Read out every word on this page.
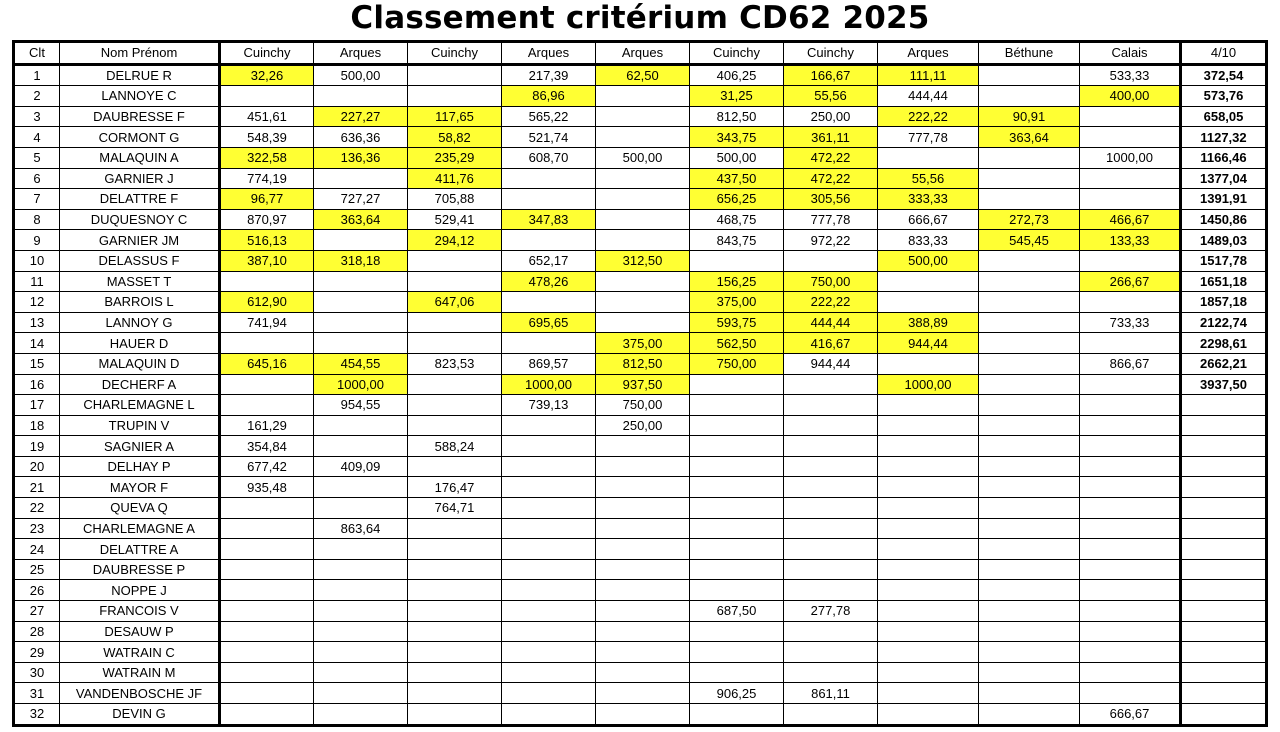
Classement critérium CD62 2025
Clt	Nom Prénom	Cuinchy	Arques	Cuinchy	Arques	Arques	Cuinchy	Cuinchy	Arques	Béthune	Calais	4/10
1	DELRUE R	32,26	500,00		217,39	62,50	406,25	166,67	111,11		533,33	372,54
2	LANNOYE C				86,96		31,25	55,56	444,44		400,00	573,76
3	DAUBRESSE F	451,61	227,27	117,65	565,22		812,50	250,00	222,22	90,91		658,05
4	CORMONT G	548,39	636,36	58,82	521,74		343,75	361,11	777,78	363,64		1127,32
5	MALAQUIN A	322,58	136,36	235,29	608,70	500,00	500,00	472,22			1000,00	1166,46
6	GARNIER J	774,19		411,76			437,50	472,22	55,56			1377,04
7	DELATTRE F	96,77	727,27	705,88			656,25	305,56	333,33			1391,91
8	DUQUESNOY C	870,97	363,64	529,41	347,83		468,75	777,78	666,67	272,73	466,67	1450,86
9	GARNIER JM	516,13		294,12			843,75	972,22	833,33	545,45	133,33	1489,03
10	DELASSUS F	387,10	318,18		652,17	312,50			500,00			1517,78
11	MASSET T				478,26		156,25	750,00			266,67	1651,18
12	BARROIS L	612,90		647,06			375,00	222,22				1857,18
13	LANNOY G	741,94			695,65		593,75	444,44	388,89		733,33	2122,74
14	HAUER D					375,00	562,50	416,67	944,44			2298,61
15	MALAQUIN D	645,16	454,55	823,53	869,57	812,50	750,00	944,44			866,67	2662,21
16	DECHERF A		1000,00		1000,00	937,50			1000,00			3937,50
17	CHARLEMAGNE L		954,55		739,13	750,00						
18	TRUPIN V	161,29				250,00						
19	SAGNIER A	354,84		588,24								
20	DELHAY P	677,42	409,09									
21	MAYOR F	935,48		176,47								
22	QUEVA Q			764,71								
23	CHARLEMAGNE A		863,64									
24	DELATTRE A											
25	DAUBRESSE P											
26	NOPPE J											
27	FRANCOIS V						687,50	277,78				
28	DESAUW P											
29	WATRAIN C											
30	WATRAIN M											
31	VANDENBOSCHE JF						906,25	861,11				
32	DEVIN G										666,67	
